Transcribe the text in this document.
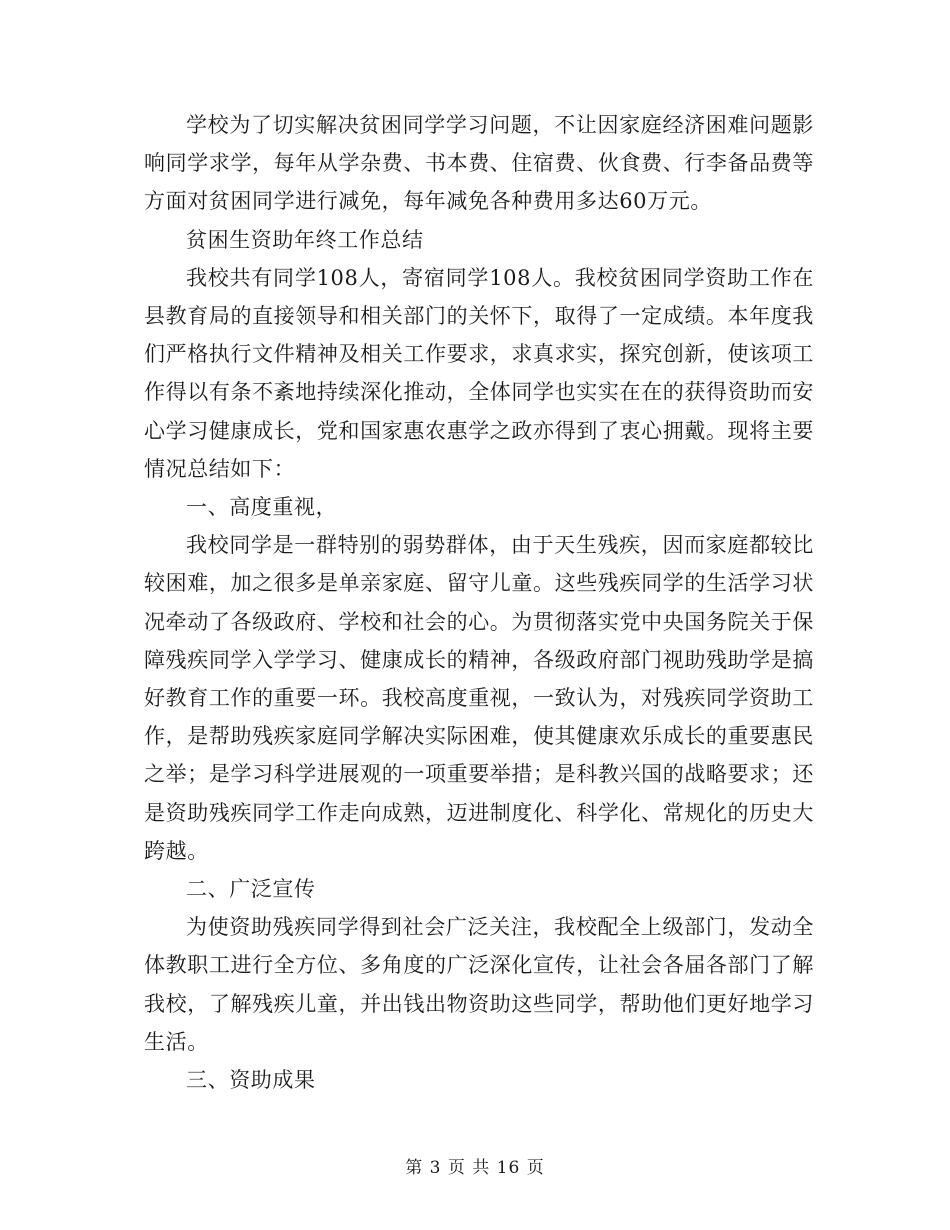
学校为了切实解决贫困同学学习问题，不让因家庭经济困难问题影响同学求学，每年从学杂费、书本费、住宿费、伙食费、行李备品费等方面对贫困同学进行减免，每年减免各种费用多达60万元。

贫困生资助年终工作总结

我校共有同学108人，寄宿同学108人。我校贫困同学资助工作在县教育局的直接领导和相关部门的关怀下，取得了一定成绩。本年度我们严格执行文件精神及相关工作要求，求真求实，探究创新，使该项工作得以有条不紊地持续深化推动，全体同学也实实在在的获得资助而安心学习健康成长，党和国家惠农惠学之政亦得到了衷心拥戴。现将主要情况总结如下：

一、高度重视，

我校同学是一群特别的弱势群体，由于天生残疾，因而家庭都较比较困难，加之很多是单亲家庭、留守儿童。这些残疾同学的生活学习状况牵动了各级政府、学校和社会的心。为贯彻落实党中央国务院关于保障残疾同学入学学习、健康成长的精神，各级政府部门视助残助学是搞好教育工作的重要一环。我校高度重视，一致认为，对残疾同学资助工作，是帮助残疾家庭同学解决实际困难，使其健康欢乐成长的重要惠民之举；是学习科学进展观的一项重要举措；是科教兴国的战略要求；还是资助残疾同学工作走向成熟，迈进制度化、科学化、常规化的历史大跨越。

二、广泛宣传

为使资助残疾同学得到社会广泛关注，我校配全上级部门，发动全体教职工进行全方位、多角度的广泛深化宣传，让社会各届各部门了解我校，了解残疾儿童，并出钱出物资助这些同学，帮助他们更好地学习生活。

三、资助成果

第 3 页 共 16 页
